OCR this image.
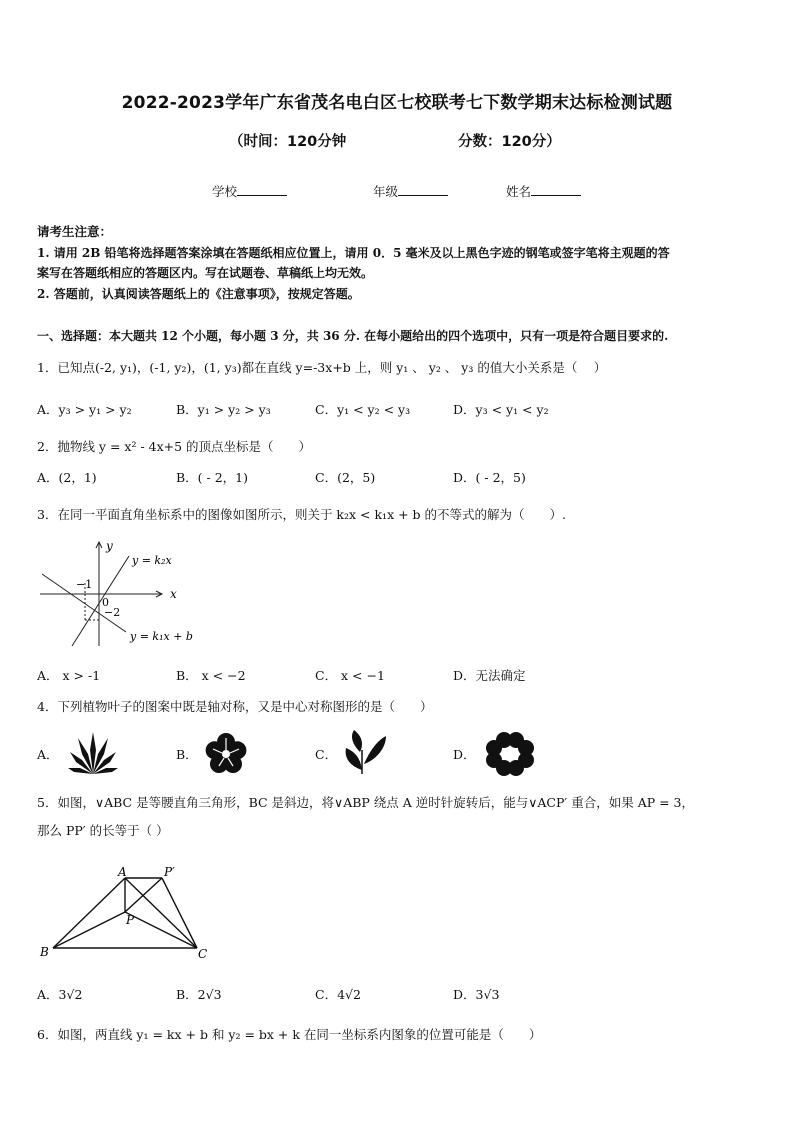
2022-2023学年广东省茂名电白区七校联考七下数学期末达标检测试题
（时间：120分钟	分数：120分）
学校	年级	姓名
请考生注意：
1. 请用 2B 铅笔将选择题答案涂填在答题纸相应位置上，请用 0．5 毫米及以上黑色字迹的钢笔或签字笔将主观题的答
案写在答题纸相应的答题区内。写在试题卷、草稿纸上均无效。
2. 答题前，认真阅读答题纸上的《注意事项》，按规定答题。
一、选择题：本大题共 12 个小题，每小题 3 分，共 36 分. 在每小题给出的四个选项中，只有一项是符合题目要求的.
1．已知点(-2, y₁)，(-1, y₂)，(1, y₃)都在直线 y=-3x+b 上，则 y₁ 、 y₂ 、 y₃ 的值大小关系是（　 ）
A．y₃ > y₁ > y₂	B．y₁ > y₂ > y₃	C．y₁ < y₂ < y₃	D．y₃ < y₁ < y₂
2．抛物线 y = x² - 4x+5 的顶点坐标是（　　）
A．(2，1)	B．( - 2，1)	C．(2，5)	D．( - 2，5)
3．在同一平面直角坐标系中的图像如图所示，则关于 k₂x < k₁x + b 的不等式的解为（　　）.
y
x
0
−1
−2
y = k₂x
y = k₁x + b
A． x > -1	B． x < −2	C． x < −1	D．无法确定
4．下列植物叶子的图案中既是轴对称，又是中心对称图形的是（　　）
A．	B．	C．	D．
5．如图，∨ABC 是等腰直角三角形，BC 是斜边，将∨ABP 绕点 A 逆时针旋转后，能与∨ACP′ 重合，如果 AP = 3，
那么 PP′ 的长等于（ ）
A	P′
P
B	C
A．3√2	B．2√3	C．4√2	D．3√3
6．如图，两直线 y₁ = kx + b 和 y₂ = bx + k 在同一坐标系内图象的位置可能是（　　）
